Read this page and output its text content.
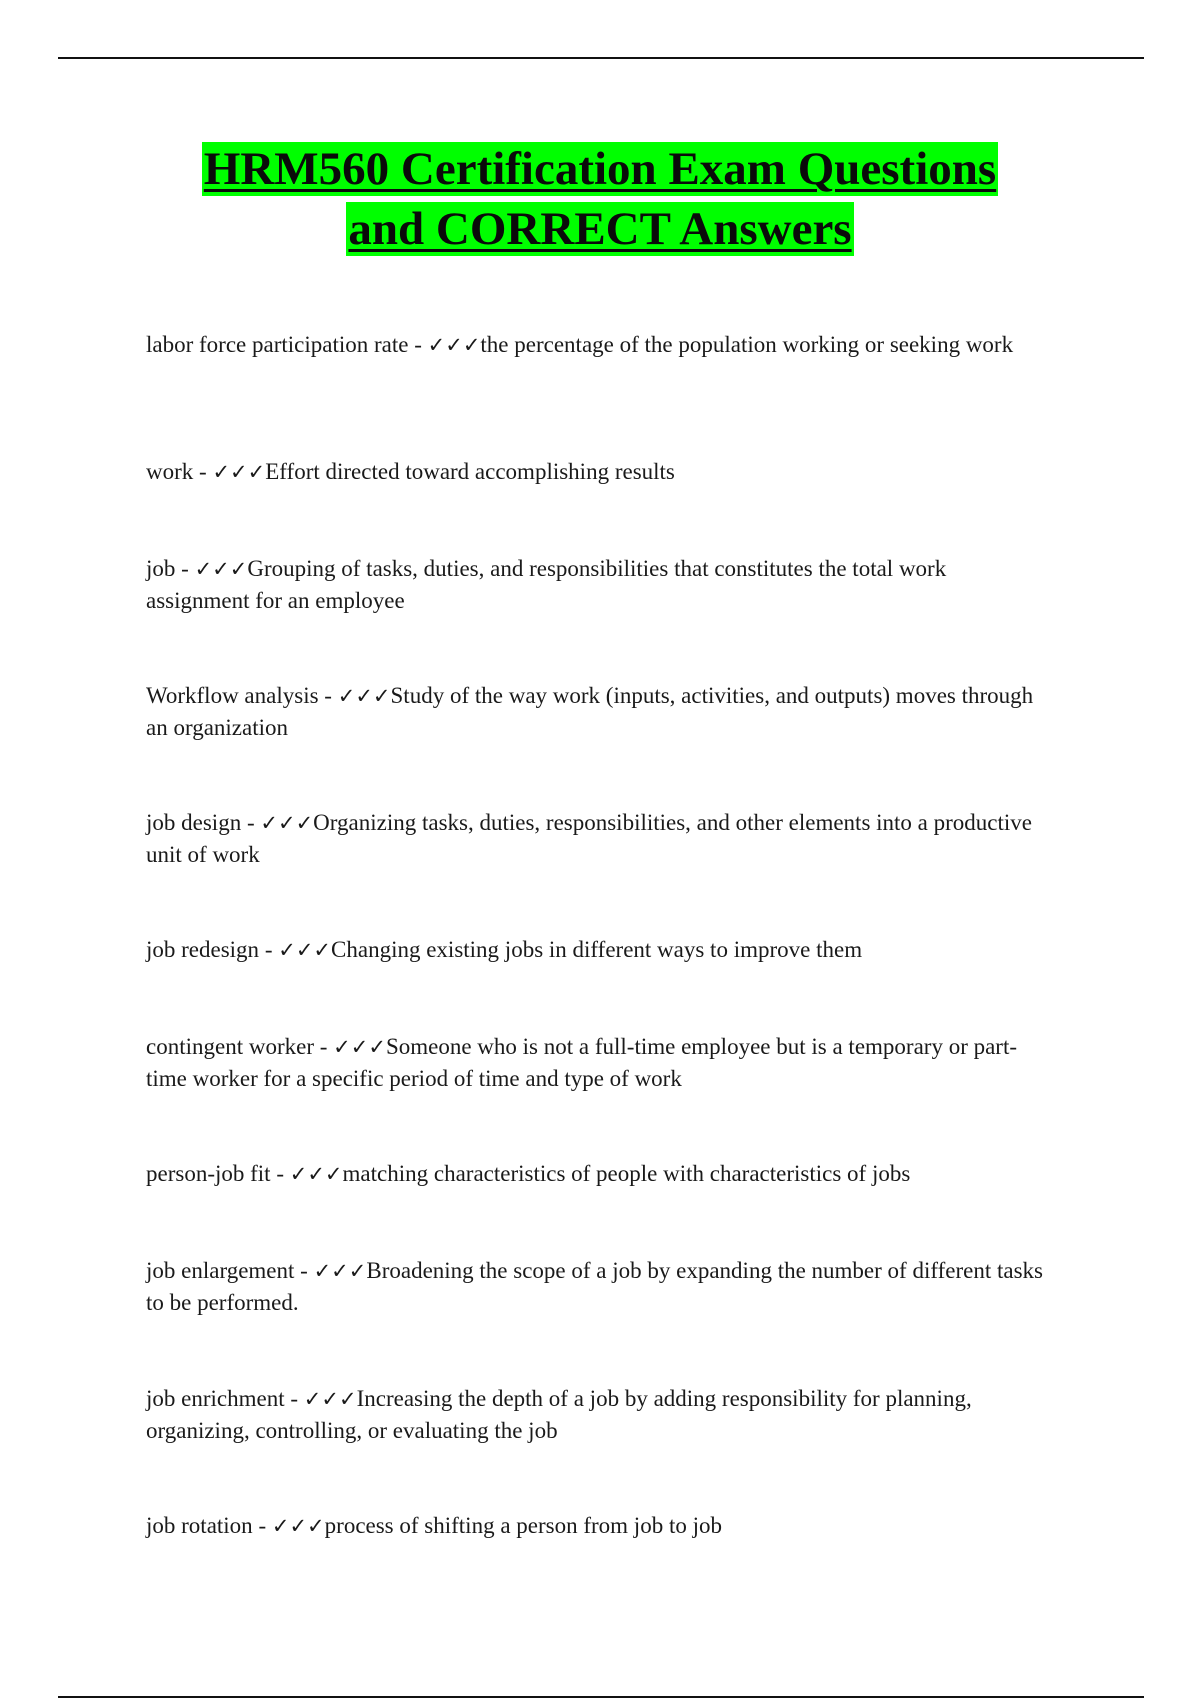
HRM560 Certification Exam Questions
and CORRECT Answers
labor force participation rate - ✓✓✓the percentage of the population working or seeking work
work - ✓✓✓Effort directed toward accomplishing results
job - ✓✓✓Grouping of tasks, duties, and responsibilities that constitutes the total work assignment for an employee
Workflow analysis - ✓✓✓Study of the way work (inputs, activities, and outputs) moves through an organization
job design - ✓✓✓Organizing tasks, duties, responsibilities, and other elements into a productive unit of work
job redesign - ✓✓✓Changing existing jobs in different ways to improve them
contingent worker - ✓✓✓Someone who is not a full-time employee but is a temporary or part-time worker for a specific period of time and type of work
person-job fit - ✓✓✓matching characteristics of people with characteristics of jobs
job enlargement - ✓✓✓Broadening the scope of a job by expanding the number of different tasks to be performed.
job enrichment - ✓✓✓Increasing the depth of a job by adding responsibility for planning, organizing, controlling, or evaluating the job
job rotation - ✓✓✓process of shifting a person from job to job
